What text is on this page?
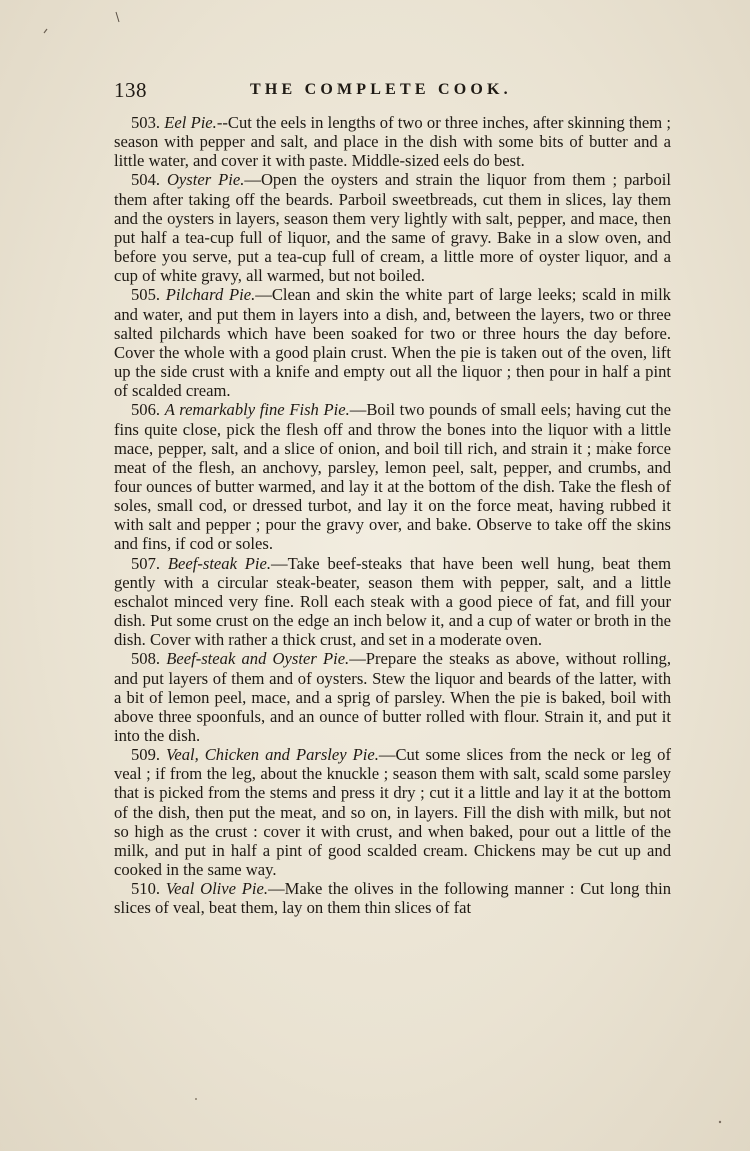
138	THE COMPLETE COOK.

503. Eel Pie.--Cut the eels in lengths of two or three inches, after skinning them ; season with pepper and salt, and place in the dish with some bits of butter and a little water, and cover it with paste. Middle-sized eels do best.

504. Oyster Pie.—Open the oysters and strain the liquor from them ; parboil them after taking off the beards. Parboil sweetbreads, cut them in slices, lay them and the oysters in layers, season them very lightly with salt, pepper, and mace, then put half a tea-cup full of liquor, and the same of gravy. Bake in a slow oven, and before you serve, put a tea-cup full of cream, a little more of oyster liquor, and a cup of white gravy, all warmed, but not boiled.

505. Pilchard Pie.—Clean and skin the white part of large leeks; scald in milk and water, and put them in layers into a dish, and, between the layers, two or three salted pilchards which have been soaked for two or three hours the day before. Cover the whole with a good plain crust. When the pie is taken out of the oven, lift up the side crust with a knife and empty out all the liquor ; then pour in half a pint of scalded cream.

506. A remarkably fine Fish Pie.—Boil two pounds of small eels; having cut the fins quite close, pick the flesh off and throw the bones into the liquor with a little mace, pepper, salt, and a slice of onion, and boil till rich, and strain it ; make force meat of the flesh, an anchovy, parsley, lemon peel, salt, pepper, and crumbs, and four ounces of butter warmed, and lay it at the bottom of the dish. Take the flesh of soles, small cod, or dressed turbot, and lay it on the force meat, having rubbed it with salt and pepper ; pour the gravy over, and bake. Observe to take off the skins and fins, if cod or soles.

507. Beef-steak Pie.—Take beef-steaks that have been well hung, beat them gently with a circular steak-beater, season them with pepper, salt, and a little eschalot minced very fine. Roll each steak with a good piece of fat, and fill your dish. Put some crust on the edge an inch below it, and a cup of water or broth in the dish. Cover with rather a thick crust, and set in a moderate oven.

508. Beef-steak and Oyster Pie.—Prepare the steaks as above, without rolling, and put layers of them and of oysters. Stew the liquor and beards of the latter, with a bit of lemon peel, mace, and a sprig of parsley. When the pie is baked, boil with above three spoonfuls, and an ounce of butter rolled with flour. Strain it, and put it into the dish.

509. Veal, Chicken and Parsley Pie.—Cut some slices from the neck or leg of veal ; if from the leg, about the knuckle ; season them with salt, scald some parsley that is picked from the stems and press it dry ; cut it a little and lay it at the bottom of the dish, then put the meat, and so on, in layers. Fill the dish with milk, but not so high as the crust : cover it with crust, and when baked, pour out a little of the milk, and put in half a pint of good scalded cream. Chickens may be cut up and cooked in the same way.

510. Veal Olive Pie.—Make the olives in the following manner : Cut long thin slices of veal, beat them, lay on them thin slices of fat
